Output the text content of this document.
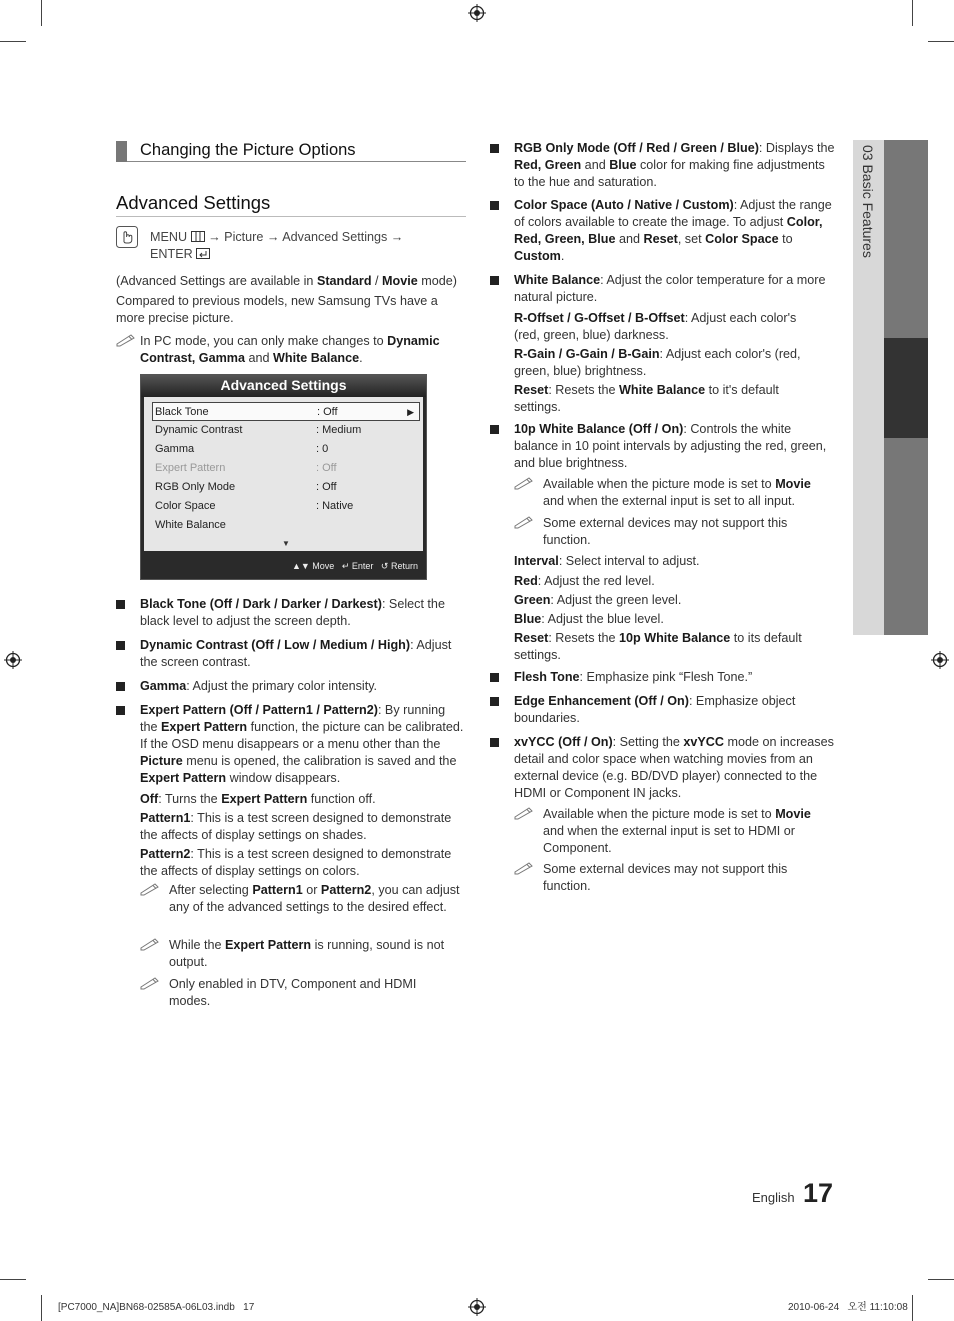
Changing the Picture Options
Advanced Settings
MENU → Picture → Advanced Settings →
ENTER
(Advanced Settings are available in Standard / Movie mode)
Compared to previous models, new Samsung TVs have a more precise picture.
In PC mode, you can only make changes to Dynamic Contrast, Gamma and White Balance.
Advanced Settings
Black Tone	: Off	▶
Dynamic Contrast	: Medium
Gamma	: 0
Expert Pattern	: Off
RGB Only Mode	: Off
Color Space	: Native
White Balance
▼
▲▼ Move ↵ Enter ↺ Return
Black Tone (Off / Dark / Darker / Darkest): Select the black level to adjust the screen depth.
Dynamic Contrast (Off / Low / Medium / High): Adjust the screen contrast.
Gamma: Adjust the primary color intensity.
Expert Pattern (Off / Pattern1 / Pattern2): By running the Expert Pattern function, the picture can be calibrated. If the OSD menu disappears or a menu other than the Picture menu is opened, the calibration is saved and the Expert Pattern window disappears.
Off: Turns the Expert Pattern function off.
Pattern1: This is a test screen designed to demonstrate the affects of display settings on shades.
Pattern2: This is a test screen designed to demonstrate the affects of display settings on colors.
After selecting Pattern1 or Pattern2, you can adjust any of the advanced settings to the desired effect.
While the Expert Pattern is running, sound is not output.
Only enabled in DTV, Component and HDMI modes.
RGB Only Mode (Off / Red / Green / Blue): Displays the Red, Green and Blue color for making fine adjustments to the hue and saturation.
Color Space (Auto / Native / Custom): Adjust the range of colors available to create the image. To adjust Color, Red, Green, Blue and Reset, set Color Space to Custom.
White Balance: Adjust the color temperature for a more natural picture.
R-Offset / G-Offset / B-Offset: Adjust each color's (red, green, blue) darkness.
R-Gain / G-Gain / B-Gain: Adjust each color's (red, green, blue) brightness.
Reset: Resets the White Balance to it's default settings.
10p White Balance (Off / On): Controls the white balance in 10 point intervals by adjusting the red, green, and blue brightness.
Available when the picture mode is set to Movie and when the external input is set to all input.
Some external devices may not support this function.
Interval: Select interval to adjust.
Red: Adjust the red level.
Green: Adjust the green level.
Blue: Adjust the blue level.
Reset: Resets the 10p White Balance to its default settings.
Flesh Tone: Emphasize pink “Flesh Tone.”
Edge Enhancement (Off / On): Emphasize object boundaries.
xvYCC (Off / On): Setting the xvYCC mode on increases detail and color space when watching movies from an external device (e.g. BD/DVD player) connected to the HDMI or Component IN jacks.
Available when the picture mode is set to Movie and when the external input is set to HDMI or Component.
Some external devices may not support this function.
03 Basic Features
English 17
[PC7000_NA]BN68-02585A-06L03.indb   17	2010-06-24   오전 11:10:08
